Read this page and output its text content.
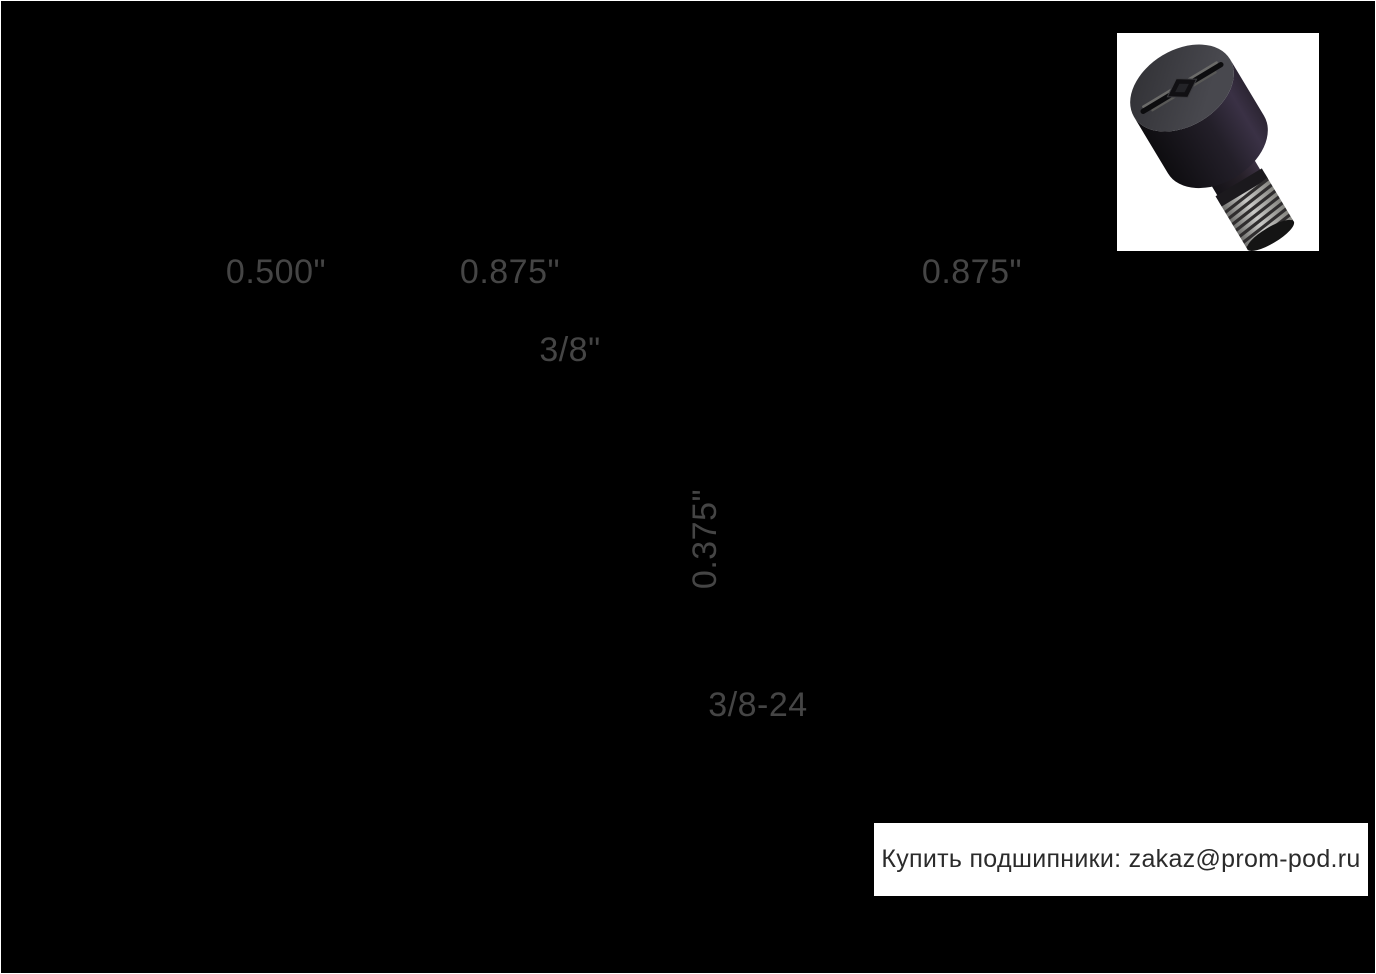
0.500"	0.875"	0.875"
3/8"
0.375"
3/8-24
Купить подшипники: zakaz@prom-pod.ru
